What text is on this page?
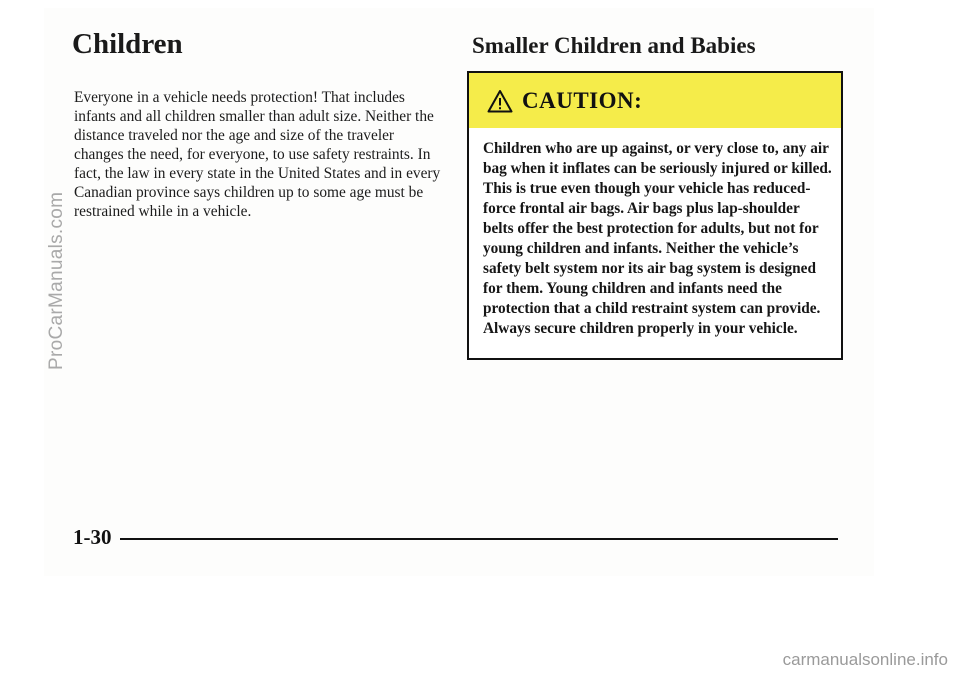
ProCarManuals.com
carmanualsonline.info
Children

Everyone in a vehicle needs protection! That includes infants and all children smaller than adult size. Neither the distance traveled nor the age and size of the traveler changes the need, for everyone, to use safety restraints. In fact, the law in every state in the United States and in every Canadian province says children up to some age must be restrained while in a vehicle.

Smaller Children and Babies
CAUTION:

Children who are up against, or very close to, any air bag when it inflates can be seriously injured or killed. This is true even though your vehicle has reduced-force frontal air bags. Air bags plus lap-shoulder belts offer the best protection for adults, but not for young children and infants. Neither the vehicle’s safety belt system nor its air bag system is designed for them. Young children and infants need the protection that a child restraint system can provide. Always secure children properly in your vehicle.

1-30
